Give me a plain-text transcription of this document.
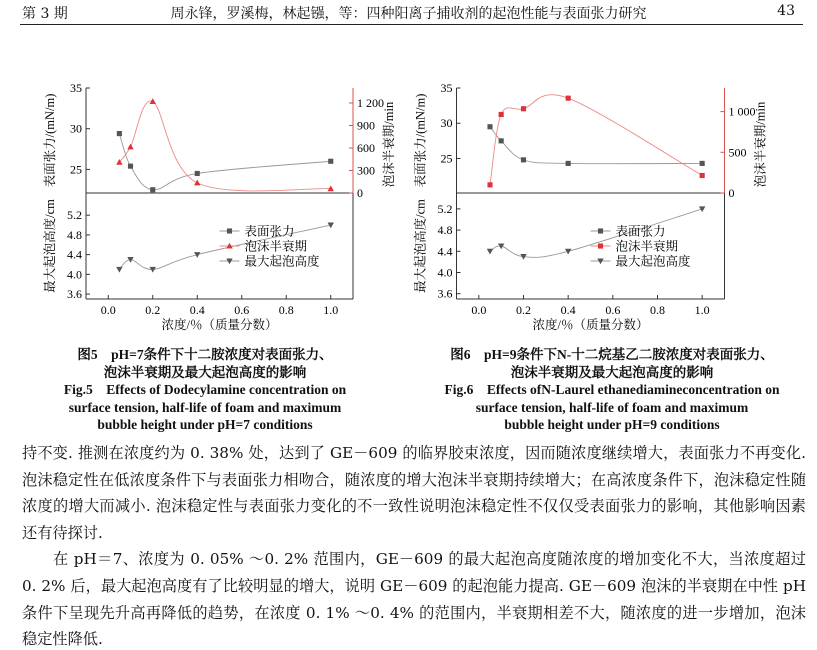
第 3 期	周永锋，罗溪梅，林起镪，等：四种阳离子捕收剂的起泡性能与表面张力研究	43
0.0 0.2 0.4 0.6 0.8 1.0
浓度/％（质量分数）
25
30
35
0
300
600
900
1 200
3.6
4.0
4.4
4.8
5.2
表面张力/(mN/m)	泡沫半衰期/min
最大起泡高度/cm	表面张力
泡沫半衰期
最大起泡高度
0.0 0.2 0.4 0.6 0.8 1.0
浓度/％（质量分数）
25
30
35
0
500
1 000
3.6
4.0
4.4
4.8
5.2
表面张力/(mN/m)	泡沫半衰期/min
最大起泡高度/cm	表面张力
泡沫半衰期
最大起泡高度
图5　pH=7条件下十二胺浓度对表面张力、
泡沫半衰期及最大起泡高度的影响
Fig.5　Effects of Dodecylamine concentration on
surface tension, half-life of foam and maximum
bubble height under pH=7 conditions
图6　pH=9条件下N-十二烷基乙二胺浓度对表面张力、
泡沫半衰期及最大起泡高度的影响
Fig.6　Effects ofN-Laurel ethanediamineconcentration on
surface tension, half-life of foam and maximum
bubble height under pH=9 conditions

持不变. 推测在浓度约为 0. 38% 处，达到了 GE－609 的临界胶束浓度，因而随浓度继续增大，表面张力不再变化. 泡沫稳定性在低浓度条件下与表面张力相吻合，随浓度的增大泡沫半衰期持续增大；在高浓度条件下，泡沫稳定性随浓度的增大而减小. 泡沫稳定性与表面张力变化的不一致性说明泡沫稳定性不仅仅受表面张力的影响，其他影响因素还有待探讨.

在 pH＝7、浓度为 0. 05% ～0. 2% 范围内，GE－609 的最大起泡高度随浓度的增加变化不大，当浓度超过 0. 2% 后，最大起泡高度有了比较明显的增大，说明 GE－609 的起泡能力提高. GE－609 泡沫的半衰期在中性 pH 条件下呈现先升高再降低的趋势，在浓度 0. 1% ～0. 4% 的范围内，半衰期相差不大，随浓度的进一步增加，泡沫稳定性降低.
